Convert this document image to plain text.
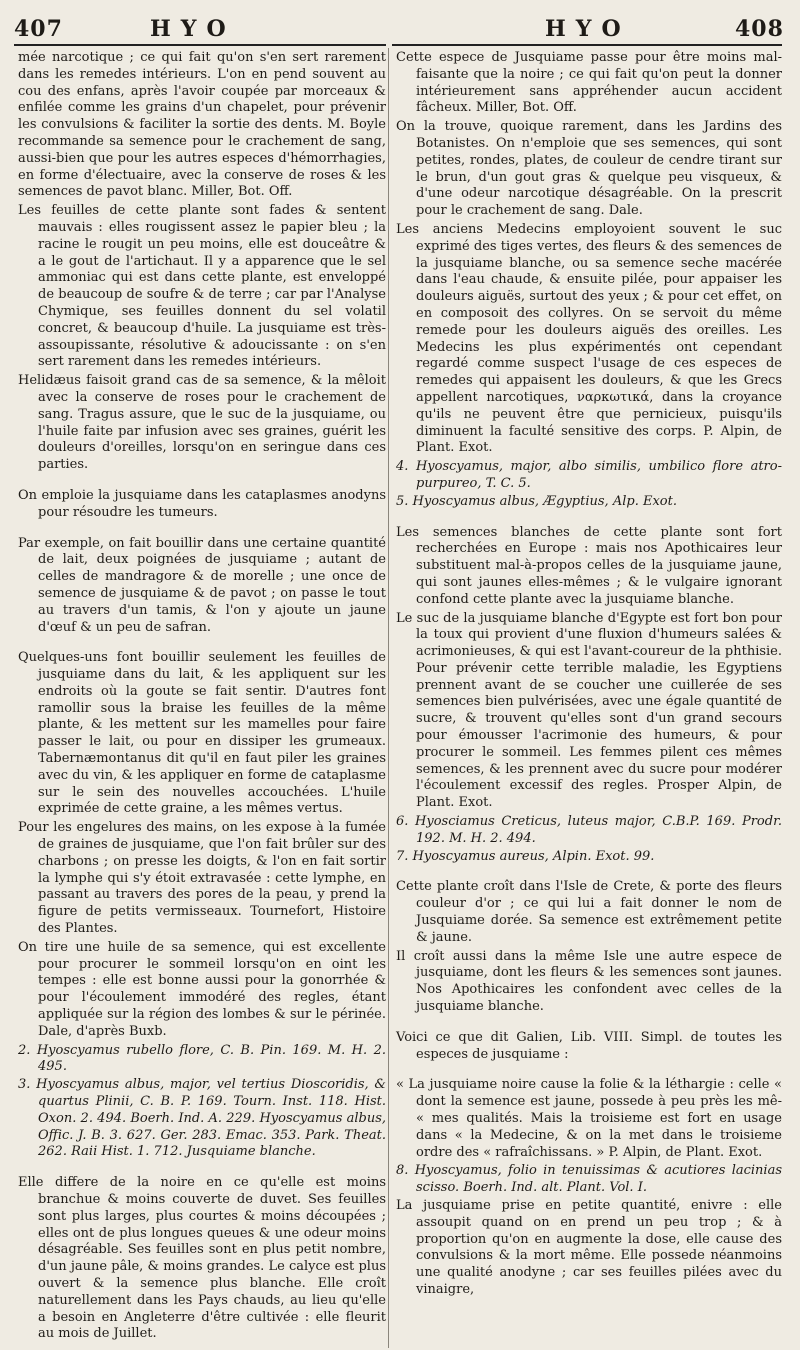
407	HYO	HYO	408

mée narcotique ; ce qui fait qu'on s'en sert rarement dans les remedes intérieurs. L'on en pend souvent au cou des enfans, après l'avoir coupée par morceaux & enfilée comme les grains d'un chapelet, pour prévenir les convulsions & faciliter la sortie des dents. M. Boyle recommande sa semence pour le crachement de sang, aussi-bien que pour les autres especes d'hémorrhagies, en forme d'électuaire, avec la conserve de roses & les semences de pavot blanc. Miller, Bot. Off.

Les feuilles de cette plante sont fades & sentent mauvais : elles rougissent assez le papier bleu ; la racine le rougit un peu moins, elle est douceâtre & a le gout de l'artichaut. Il y a apparence que le sel ammoniac qui est dans cette plante, est enveloppé de beaucoup de soufre & de terre ; car par l'Analyse Chymique, ses feuilles donnent du sel volatil concret, & beaucoup d'huile. La jusquiame est très-assoupissante, résolutive & adoucissante : on s'en sert rarement dans les remedes intérieurs.

Helidæus faisoit grand cas de sa semence, & la mêloit avec la conserve de roses pour le crachement de sang. Tragus assure, que le suc de la jusquiame, ou l'huile faite par infusion avec ses graines, guérit les douleurs d'oreilles, lorsqu'on en seringue dans ces parties.

On emploie la jusquiame dans les cataplasmes anodyns pour résoudre les tumeurs.

Par exemple, on fait bouillir dans une certaine quantité de lait, deux poignées de jusquiame ; autant de celles de mandragore & de morelle ; une once de semence de jusquiame & de pavot ; on passe le tout au travers d'un tamis, & l'on y ajoute un jaune d'œuf & un peu de safran.

Quelques-uns font bouillir seulement les feuilles de jusquiame dans du lait, & les appliquent sur les endroits où la goute se fait sentir. D'autres font ramollir sous la braise les feuilles de la même plante, & les mettent sur les mamelles pour faire passer le lait, ou pour en dissiper les grumeaux. Tabernæmontanus dit qu'il en faut piler les graines avec du vin, & les appliquer en forme de cataplasme sur le sein des nouvelles accouchées. L'huile exprimée de cette graine, a les mêmes vertus.

Pour les engelures des mains, on les expose à la fumée de graines de jusquiame, que l'on fait brûler sur des charbons ; on presse les doigts, & l'on en fait sortir la lymphe qui s'y étoit extravasée : cette lymphe, en passant au travers des pores de la peau, y prend la figure de petits vermisseaux. Tournefort, Histoire des Plantes.

On tire une huile de sa semence, qui est excellente pour procurer le sommeil lorsqu'on en oint les tempes : elle est bonne aussi pour la gonorrhée & pour l'écoulement immodéré des regles, étant appliquée sur la région des lombes & sur le périnée. Dale, d'après Buxb.

2. Hyoscyamus rubello flore, C. B. Pin. 169. M. H. 2. 495.

3. Hyoscyamus albus, major, vel tertius Dioscoridis, & quartus Plinii, C. B. P. 169. Tourn. Inst. 118. Hist. Oxon. 2. 494. Boerh. Ind. A. 229. Hyoscyamus albus, Offic. J. B. 3. 627. Ger. 283. Emac. 353. Park. Theat. 262. Raii Hist. 1. 712. Jusquiame blanche.

Elle differe de la noire en ce qu'elle est moins branchue & moins couverte de duvet. Ses feuilles sont plus larges, plus courtes & moins découpées ; elles ont de plus longues queues & une odeur moins désagréable. Ses feuilles sont en plus petit nombre, d'un jaune pâle, & moins grandes. Le calyce est plus ouvert & la semence plus blanche. Elle croît naturellement dans les Pays chauds, au lieu qu'elle a besoin en Angleterre d'être cultivée : elle fleurit au mois de Juillet.

Cette espece de Jusquiame passe pour être moins mal-faisante que la noire ; ce qui fait qu'on peut la donner intérieurement sans appréhender aucun accident fâcheux. Miller, Bot. Off.

On la trouve, quoique rarement, dans les Jardins des Botanistes. On n'emploie que ses semences, qui sont petites, rondes, plates, de couleur de cendre tirant sur le brun, d'un gout gras & quelque peu visqueux, & d'une odeur narcotique désagréable. On la prescrit pour le crachement de sang. Dale.

Les anciens Medecins employoient souvent le suc exprimé des tiges vertes, des fleurs & des semences de la jusquiame blanche, ou sa semence seche macérée dans l'eau chaude, & ensuite pilée, pour appaiser les douleurs aiguës, surtout des yeux ; & pour cet effet, on en composoit des collyres. On se servoit du même remede pour les douleurs aiguës des oreilles. Les Medecins les plus expérimentés ont cependant regardé comme suspect l'usage de ces especes de remedes qui appaisent les douleurs, & que les Grecs appellent narcotiques, ναρκωτικά, dans la croyance qu'ils ne peuvent être que pernicieux, puisqu'ils diminuent la faculté sensitive des corps. P. Alpin, de Plant. Exot.

4. Hyoscyamus, major, albo similis, umbilico flore atro-purpureo, T. C. 5.

5. Hyoscyamus albus, Ægyptius, Alp. Exot.

Les semences blanches de cette plante sont fort recherchées en Europe : mais nos Apothicaires leur substituent mal-à-propos celles de la jusquiame jaune, qui sont jaunes elles-mêmes ; & le vulgaire ignorant confond cette plante avec la jusquiame blanche.

Le suc de la jusquiame blanche d'Egypte est fort bon pour la toux qui provient d'une fluxion d'humeurs salées & acrimonieuses, & qui est l'avant-coureur de la phthisie. Pour prévenir cette terrible maladie, les Egyptiens prennent avant de se coucher une cuillerée de ses semences bien pulvérisées, avec une égale quantité de sucre, & trouvent qu'elles sont d'un grand secours pour émousser l'acrimonie des humeurs, & pour procurer le sommeil. Les femmes pilent ces mêmes semences, & les prennent avec du sucre pour modérer l'écoulement excessif des regles. Prosper Alpin, de Plant. Exot.

6. Hyosciamus Creticus, luteus major, C.B.P. 169. Prodr. 192. M. H. 2. 494.

7. Hyoscyamus aureus, Alpin. Exot. 99.

Cette plante croît dans l'Isle de Crete, & porte des fleurs couleur d'or ; ce qui lui a fait donner le nom de Jusquiame dorée. Sa semence est extrêmement petite & jaune.

Il croît aussi dans la même Isle une autre espece de jusquiame, dont les fleurs & les semences sont jaunes. Nos Apothicaires les confondent avec celles de la jusquiame blanche.

Voici ce que dit Galien, Lib. VIII. Simpl. de toutes les especes de jusquiame :

« La jusquiame noire cause la folie & la léthargie : celle « dont la semence est jaune, possede à peu près les mê- « mes qualités. Mais la troisieme est fort en usage dans « la Medecine, & on la met dans le troisieme ordre des « rafraîchissans. » P. Alpin, de Plant. Exot.

8. Hyoscyamus, folio in tenuissimas & acutiores lacinias scisso. Boerh. Ind. alt. Plant. Vol. I.

La jusquiame prise en petite quantité, enivre : elle assoupit quand on en prend un peu trop ; & à proportion qu'on en augmente la dose, elle cause des convulsions & la mort même. Elle possede néanmoins une qualité anodyne ; car ses feuilles pilées avec du vinaigre,
